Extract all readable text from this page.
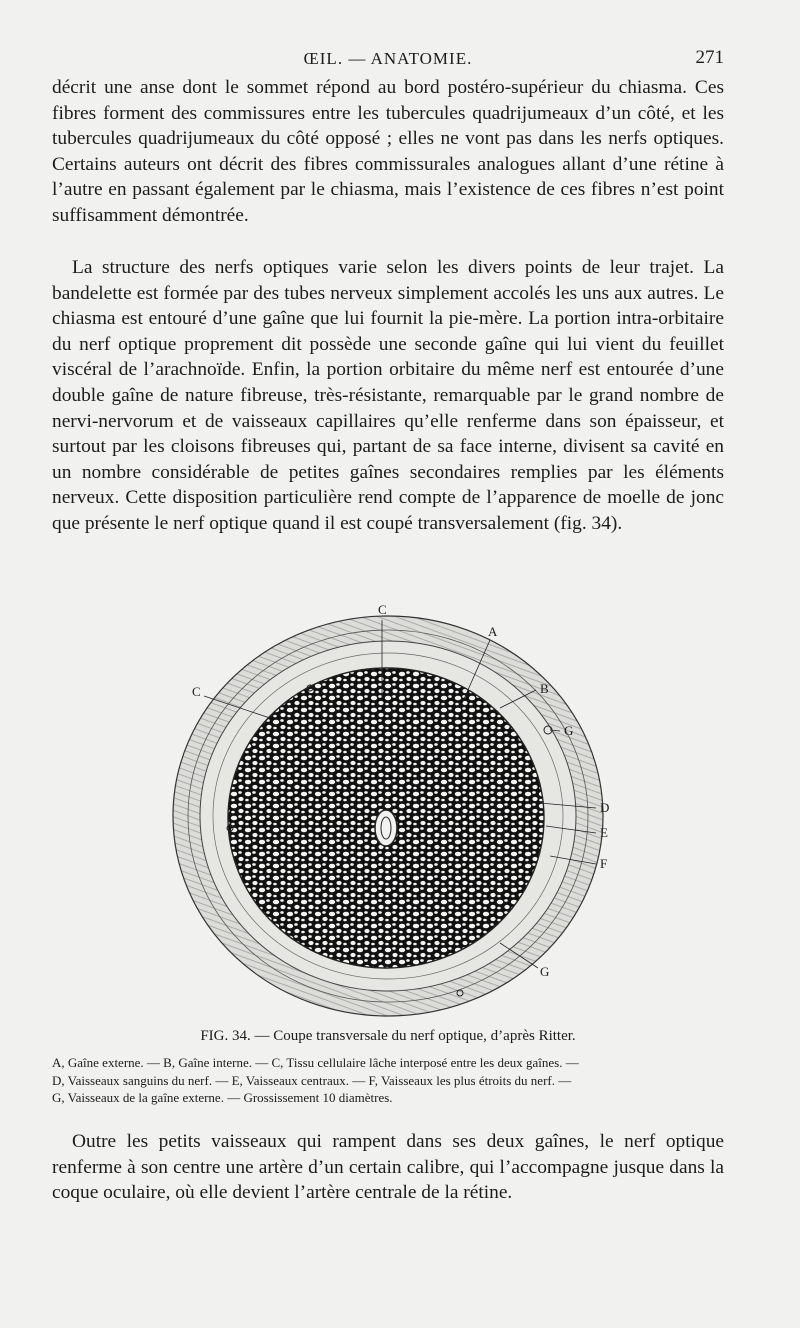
ŒIL. — ANATOMIE.	271

décrit une anse dont le sommet répond au bord postéro-supérieur du chiasma. Ces fibres forment des commissures entre les tubercules quadrijumeaux d’un côté, et les tubercules quadrijumeaux du côté opposé ; elles ne vont pas dans les nerfs optiques. Certains auteurs ont décrit des fibres commissurales analogues allant d’une rétine à l’autre en passant également par le chiasma, mais l’existence de ces fibres n’est point suffisamment démontrée.

La structure des nerfs optiques varie selon les divers points de leur trajet. La bandelette est formée par des tubes nerveux simplement accolés les uns aux autres. Le chiasma est entouré d’une gaîne que lui fournit la pie-mère. La portion intra-orbitaire du nerf optique proprement dit possède une seconde gaîne qui lui vient du feuillet viscéral de l’arachnoïde. Enfin, la portion orbitaire du même nerf est entourée d’une double gaîne de nature fibreuse, très-résistante, remarquable par le grand nombre de nervi-nervorum et de vaisseaux capillaires qu’elle renferme dans son épaisseur, et surtout par les cloisons fibreuses qui, partant de sa face interne, divisent sa cavité en un nombre considérable de petites gaînes secondaires remplies par les éléments nerveux. Cette disposition particulière rend compte de l’apparence de moelle de jonc que présente le nerf optique quand il est coupé transversalement (fig. 34).

C
A
B
G
D
E
F
G
C
FIG. 34. — Coupe transversale du nerf optique, d’après Ritter.
A, Gaîne externe. — B, Gaîne interne. — C, Tissu cellulaire lâche interposé entre les deux gaînes. —
D, Vaisseaux sanguins du nerf. — E, Vaisseaux centraux. — F, Vaisseaux les plus étroits du nerf. —
G, Vaisseaux de la gaîne externe. — Grossissement 10 diamètres.

Outre les petits vaisseaux qui rampent dans ses deux gaînes, le nerf optique renferme à son centre une artère d’un certain calibre, qui l’accompagne jusque dans la coque oculaire, où elle devient l’artère centrale de la rétine.
